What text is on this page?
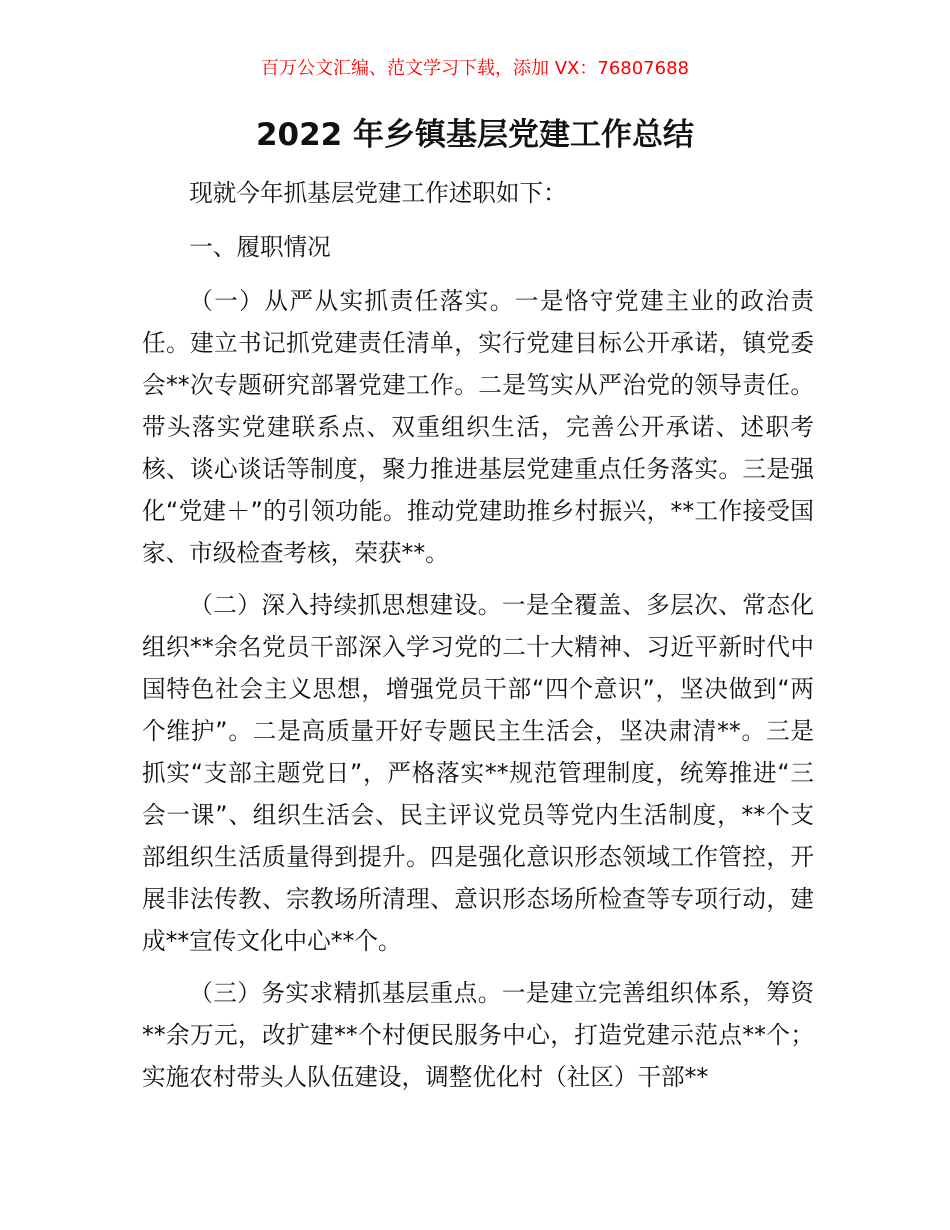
百万公文汇编、范文学习下载，添加 VX：76807688
2022 年乡镇基层党建工作总结

现就今年抓基层党建工作述职如下：

一、履职情况

（一）从严从实抓责任落实。一是恪守党建主业的政治责任。建立书记抓党建责任清单，实行党建目标公开承诺，镇党委会**次专题研究部署党建工作。二是笃实从严治党的领导责任。带头落实党建联系点、双重组织生活，完善公开承诺、述职考核、谈心谈话等制度，聚力推进基层党建重点任务落实。三是强化“党建＋”的引领功能。推动党建助推乡村振兴，**工作接受国家、市级检查考核，荣获**。

（二）深入持续抓思想建设。一是全覆盖、多层次、常态化组织**余名党员干部深入学习党的二十大精神、习近平新时代中国特色社会主义思想，增强党员干部“四个意识”，坚决做到“两个维护”。二是高质量开好专题民主生活会，坚决肃清**。三是抓实“支部主题党日”，严格落实**规范管理制度，统筹推进“三会一课”、组织生活会、民主评议党员等党内生活制度，**个支部组织生活质量得到提升。四是强化意识形态领域工作管控，开展非法传教、宗教场所清理、意识形态场所检查等专项行动，建成**宣传文化中心**个。

（三）务实求精抓基层重点。一是建立完善组织体系，筹资**余万元，改扩建**个村便民服务中心，打造党建示范点**个；实施农村带头人队伍建设，调整优化村（社区）干部**
